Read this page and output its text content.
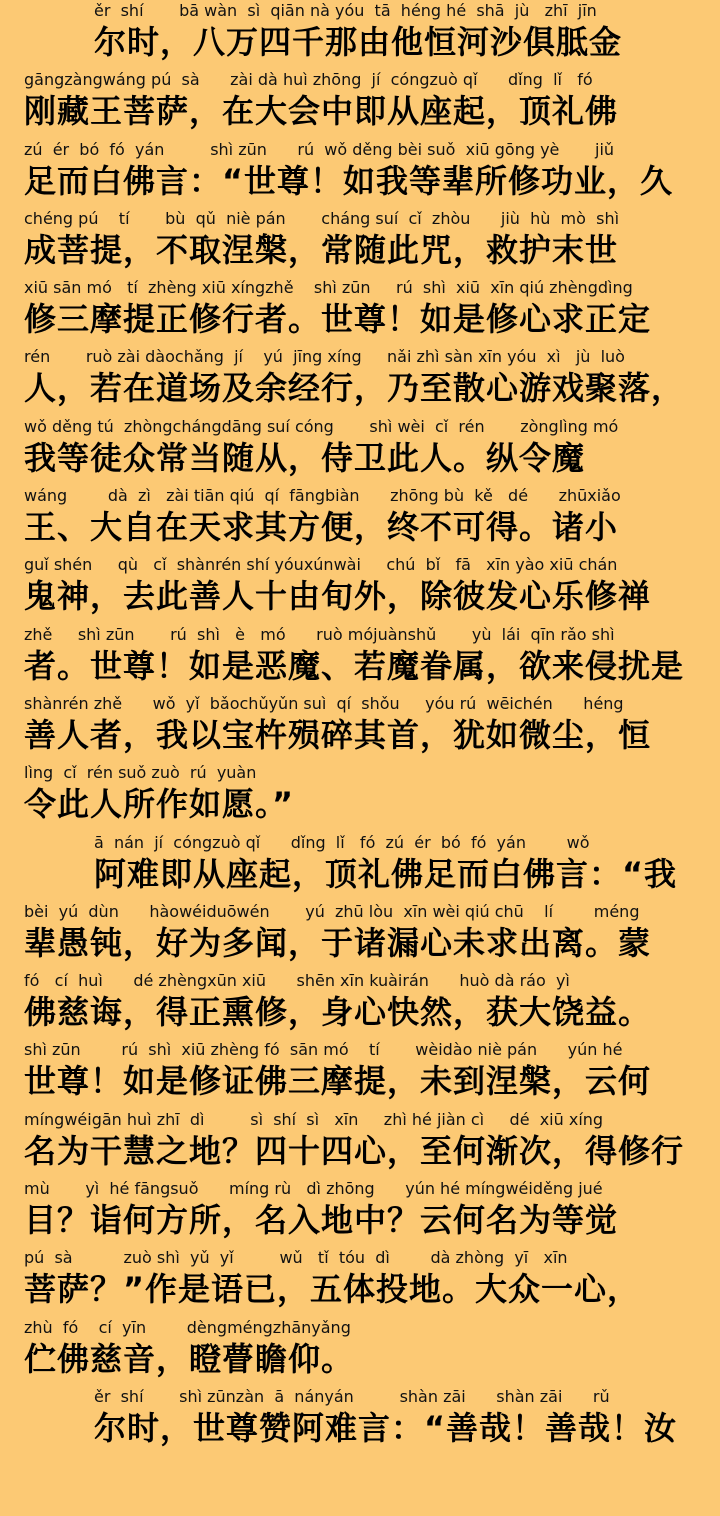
ěr  shí       bā wàn  sì  qiān nà yóu  tā  héng hé  shā  jù   zhī  jīn
尔时，八万四千那由他恒河沙俱胝金
gāngzàngwáng pú  sà      zài dà huì zhōng  jí  cóngzuò qǐ      dǐng  lǐ   fó
刚藏王菩萨，在大会中即从座起，顶礼佛
zú  ér  bó  fó  yán         shì zūn      rú  wǒ děng bèi suǒ  xiū gōng yè       jiǔ
足而白佛言：“世尊！如我等辈所修功业，久
chéng pú    tí       bù  qǔ  niè pán       cháng suí  cǐ  zhòu      jiù  hù  mò  shì
成菩提，不取涅槃，常随此咒，救护末世
xiū sān mó   tí  zhèng xiū xíngzhě    shì zūn     rú  shì  xiū  xīn qiú zhèngdìng
修三摩提正修行者。世尊！如是修心求正定
rén       ruò zài dàochǎng  jí    yú  jīng xíng     nǎi zhì sàn xīn yóu  xì   jù  luò
人，若在道场及余经行，乃至散心游戏聚落，
wǒ děng tú  zhòngchángdāng suí cóng       shì wèi  cǐ  rén       zònglìng mó
我等徒众常当随从，侍卫此人。纵令魔
wáng        dà  zì   zài tiān qiú  qí  fāngbiàn      zhōng bù  kě   dé      zhūxiǎo
王、大自在天求其方便，终不可得。诸小
guǐ shén     qù   cǐ  shànrén shí yóuxúnwài     chú  bǐ   fā   xīn yào xiū chán
鬼神，去此善人十由旬外，除彼发心乐修禅
zhě     shì zūn       rú  shì   è   mó      ruò mójuànshǔ       yù  lái  qīn rǎo shì
者。世尊！如是恶魔、若魔眷属，欲来侵扰是
shànrén zhě      wǒ  yǐ  bǎochǔyǔn suì  qí  shǒu     yóu rú  wēichén      héng
善人者，我以宝杵殒碎其首，犹如微尘，恒
lìng  cǐ  rén suǒ zuò  rú  yuàn
令此人所作如愿。”
ā  nán  jí  cóngzuò qǐ      dǐng  lǐ   fó  zú  ér  bó  fó  yán        wǒ
阿难即从座起，顶礼佛足而白佛言：“我
bèi  yú  dùn      hàowéiduōwén       yú  zhū lòu  xīn wèi qiú chū    lí        méng
辈愚钝，好为多闻，于诸漏心未求出离。蒙
fó   cí  huì      dé zhèngxūn xiū      shēn xīn kuàirán      huò dà ráo  yì
佛慈诲，得正熏修，身心快然，获大饶益。
shì zūn        rú  shì  xiū zhèng fó  sān mó    tí       wèidào niè pán      yún hé
世尊！如是修证佛三摩提，未到涅槃，云何
míngwéigān huì zhī  dì         sì  shí  sì   xīn     zhì hé jiàn cì     dé  xiū xíng
名为干慧之地？四十四心，至何渐次，得修行
mù       yì  hé fāngsuǒ      míng rù   dì zhōng      yún hé míngwéiděng jué
目？诣何方所，名入地中？云何名为等觉
pú  sà          zuò shì  yǔ  yǐ         wǔ   tǐ  tóu  dì        dà zhòng  yī   xīn
菩萨？”作是语已，五体投地。大众一心，
zhù  fó    cí  yīn        dèngméngzhānyǎng
伫佛慈音，瞪瞢瞻仰。
ěr  shí       shì zūnzàn  ā  nányán         shàn zāi      shàn zāi      rǔ
尔时，世尊赞阿难言：“善哉！善哉！汝
